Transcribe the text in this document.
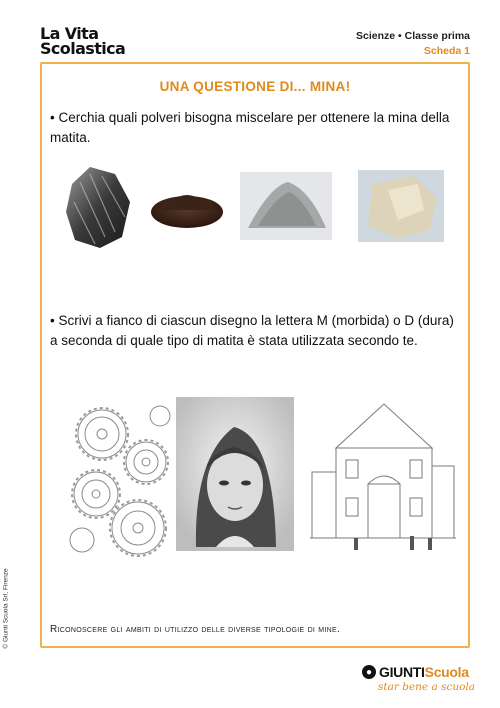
La Vita
Scolastica
Scienze • Classe prima
Scheda 1
UNA QUESTIONE DI... MINA!
• Cerchia quali polveri bisogna miscelare per ottenere la mina della matita.
• Scrivi a fianco di ciascun disegno la lettera M (morbida) o D (dura) a seconda di quale tipo di matita è stata utilizzata secondo te.
Riconoscere gli ambiti di utilizzo delle diverse tipologie di mine.
© Giunti Scuola Srl, Firenze
● GIUNTI Scuola
star bene a scuola
